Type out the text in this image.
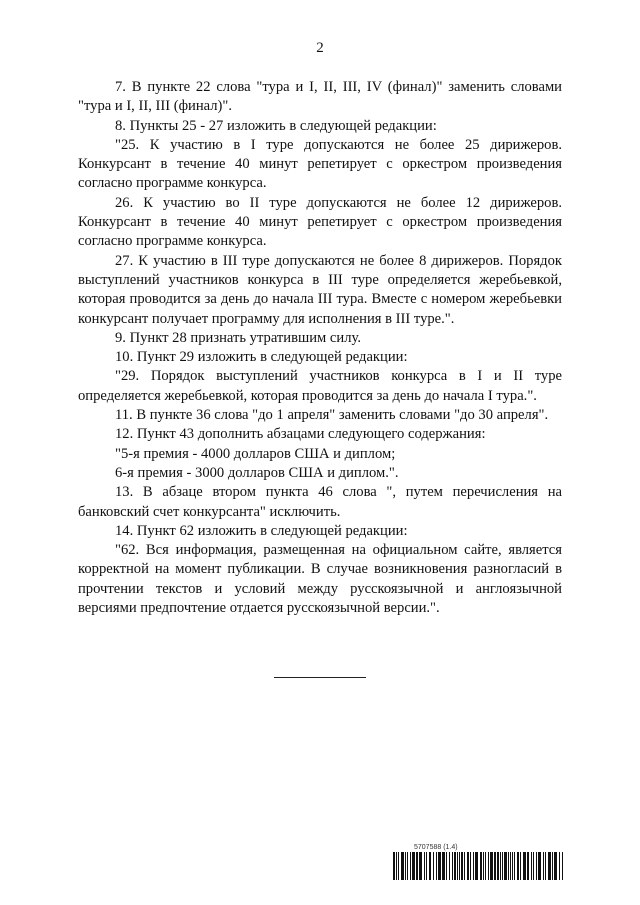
2

7. В пункте 22 слова "тура и I, II, III, IV (финал)" заменить словами "тура и I, II, III (финал)".

8. Пункты 25 - 27 изложить в следующей редакции:

"25. К участию в I туре допускаются не более 25 дирижеров. Конкурсант в течение 40 минут репетирует с оркестром произведения согласно программе конкурса.

26. К участию во II туре допускаются не более 12 дирижеров. Конкурсант в течение 40 минут репетирует с оркестром произведения согласно программе конкурса.

27. К участию в III туре допускаются не более 8 дирижеров. Порядок выступлений участников конкурса в III туре определяется жеребьевкой, которая проводится за день до начала III тура. Вместе с номером жеребьевки конкурсант получает программу для исполнения в III туре.".

9. Пункт 28 признать утратившим силу.

10. Пункт 29 изложить в следующей редакции:

"29. Порядок выступлений участников конкурса в I и II туре определяется жеребьевкой, которая проводится за день до начала I тура.".

11. В пункте 36 слова "до 1 апреля" заменить словами "до 30 апреля".

12. Пункт 43 дополнить абзацами следующего содержания:

"5-я премия - 4000 долларов США и диплом;

6-я премия - 3000 долларов США и диплом.".

13. В абзаце втором пункта 46 слова ", путем перечисления на банковский счет конкурсанта" исключить.

14. Пункт 62 изложить в следующей редакции:

"62. Вся информация, размещенная на официальном сайте, является корректной на момент публикации. В случае возникновения разногласий в прочтении текстов и условий между русскоязычной и англоязычной версиями предпочтение отдается русскоязычной версии.".

5707588 (1.4)
